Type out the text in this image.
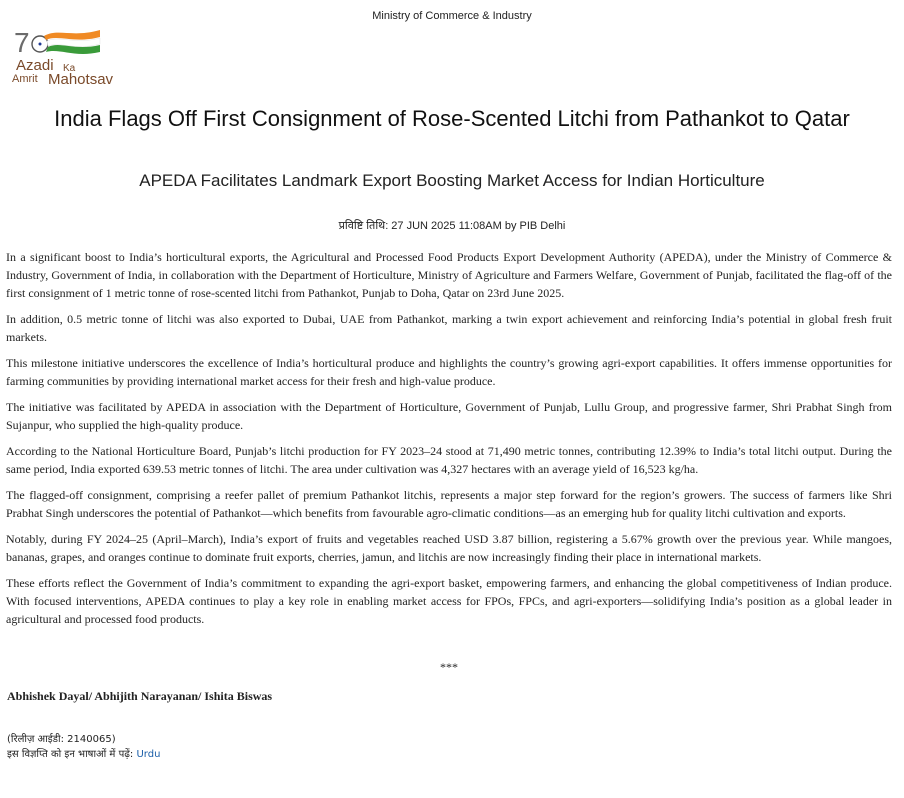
Ministry of Commerce & Industry
7
Azadi Ka
Amrit Mahotsav
India Flags Off First Consignment of Rose-Scented Litchi from Pathankot to Qatar
APEDA Facilitates Landmark Export Boosting Market Access for Indian Horticulture
प्रविष्टि तिथि: 27 JUN 2025 11:08AM by PIB Delhi

In a significant boost to India’s horticultural exports, the Agricultural and Processed Food Products Export Development Authority (APEDA), under the Ministry of Commerce & Industry, Government of India, in collaboration with the Department of Horticulture, Ministry of Agriculture and Farmers Welfare, Government of Punjab, facilitated the flag-off of the first consignment of 1 metric tonne of rose-scented litchi from Pathankot, Punjab to Doha, Qatar on 23rd June 2025.

In addition, 0.5 metric tonne of litchi was also exported to Dubai, UAE from Pathankot, marking a twin export achievement and reinforcing India’s potential in global fresh fruit markets.

This milestone initiative underscores the excellence of India’s horticultural produce and highlights the country’s growing agri-export capabilities. It offers immense opportunities for farming communities by providing international market access for their fresh and high-value produce.

The initiative was facilitated by APEDA in association with the Department of Horticulture, Government of Punjab, Lullu Group, and progressive farmer, Shri Prabhat Singh from Sujanpur, who supplied the high-quality produce.

According to the National Horticulture Board, Punjab’s litchi production for FY 2023–24 stood at 71,490 metric tonnes, contributing 12.39% to India’s total litchi output. During the same period, India exported 639.53 metric tonnes of litchi. The area under cultivation was 4,327 hectares with an average yield of 16,523 kg/ha.

The flagged-off consignment, comprising a reefer pallet of premium Pathankot litchis, represents a major step forward for the region’s growers. The success of farmers like Shri Prabhat Singh underscores the potential of Pathankot—which benefits from favourable agro-climatic conditions—as an emerging hub for quality litchi cultivation and exports.

Notably, during FY 2024–25 (April–March), India’s export of fruits and vegetables reached USD 3.87 billion, registering a 5.67% growth over the previous year. While mangoes, bananas, grapes, and oranges continue to dominate fruit exports, cherries, jamun, and litchis are now increasingly finding their place in international markets.

These efforts reflect the Government of India’s commitment to expanding the agri-export basket, empowering farmers, and enhancing the global competitiveness of Indian produce. With focused interventions, APEDA continues to play a key role in enabling market access for FPOs, FPCs, and agri-exporters—solidifying India’s position as a global leader in agricultural and processed food products.

***
Abhishek Dayal/ Abhijith Narayanan/ Ishita Biswas
(रिलीज़ आईडी: 2140065)
इस विज्ञप्ति को इन भाषाओं में पढ़ें: Urdu
